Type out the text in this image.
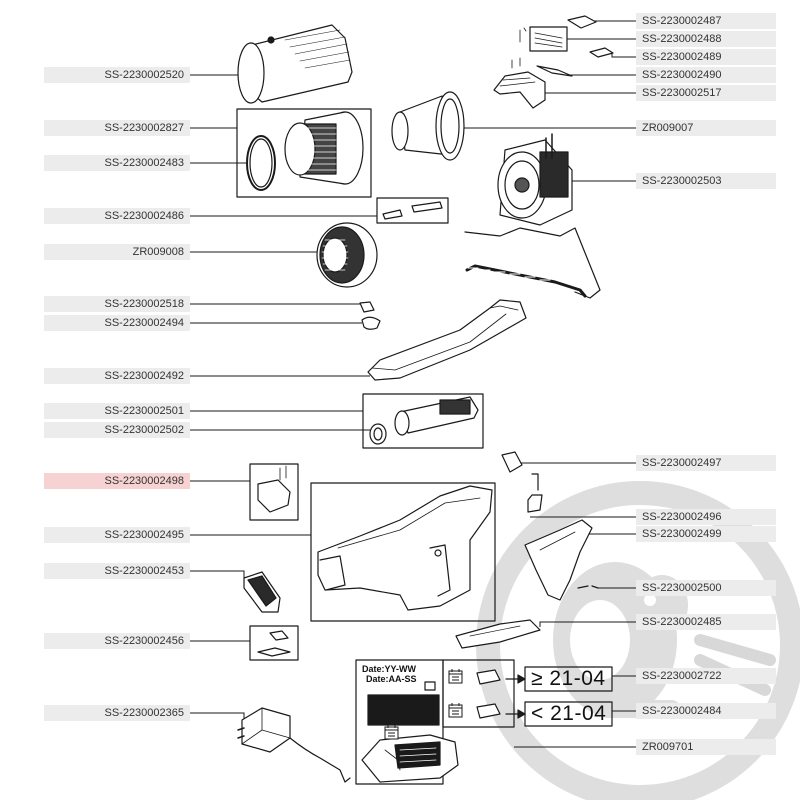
Date:YY-WW
Date:AA-SS	≥ 21-04
< 21-04
SS-2230002520
SS-2230002827
SS-2230002483
SS-2230002486
ZR009008
SS-2230002518
SS-2230002494
SS-2230002492
SS-2230002501
SS-2230002502
SS-2230002498
SS-2230002495
SS-2230002453
SS-2230002456
SS-2230002365
SS-2230002487
SS-2230002488
SS-2230002489
SS-2230002490
SS-2230002517
ZR009007
SS-2230002503
SS-2230002497
SS-2230002496
SS-2230002499
SS-2230002500
SS-2230002485
SS-2230002722
SS-2230002484
ZR009701
